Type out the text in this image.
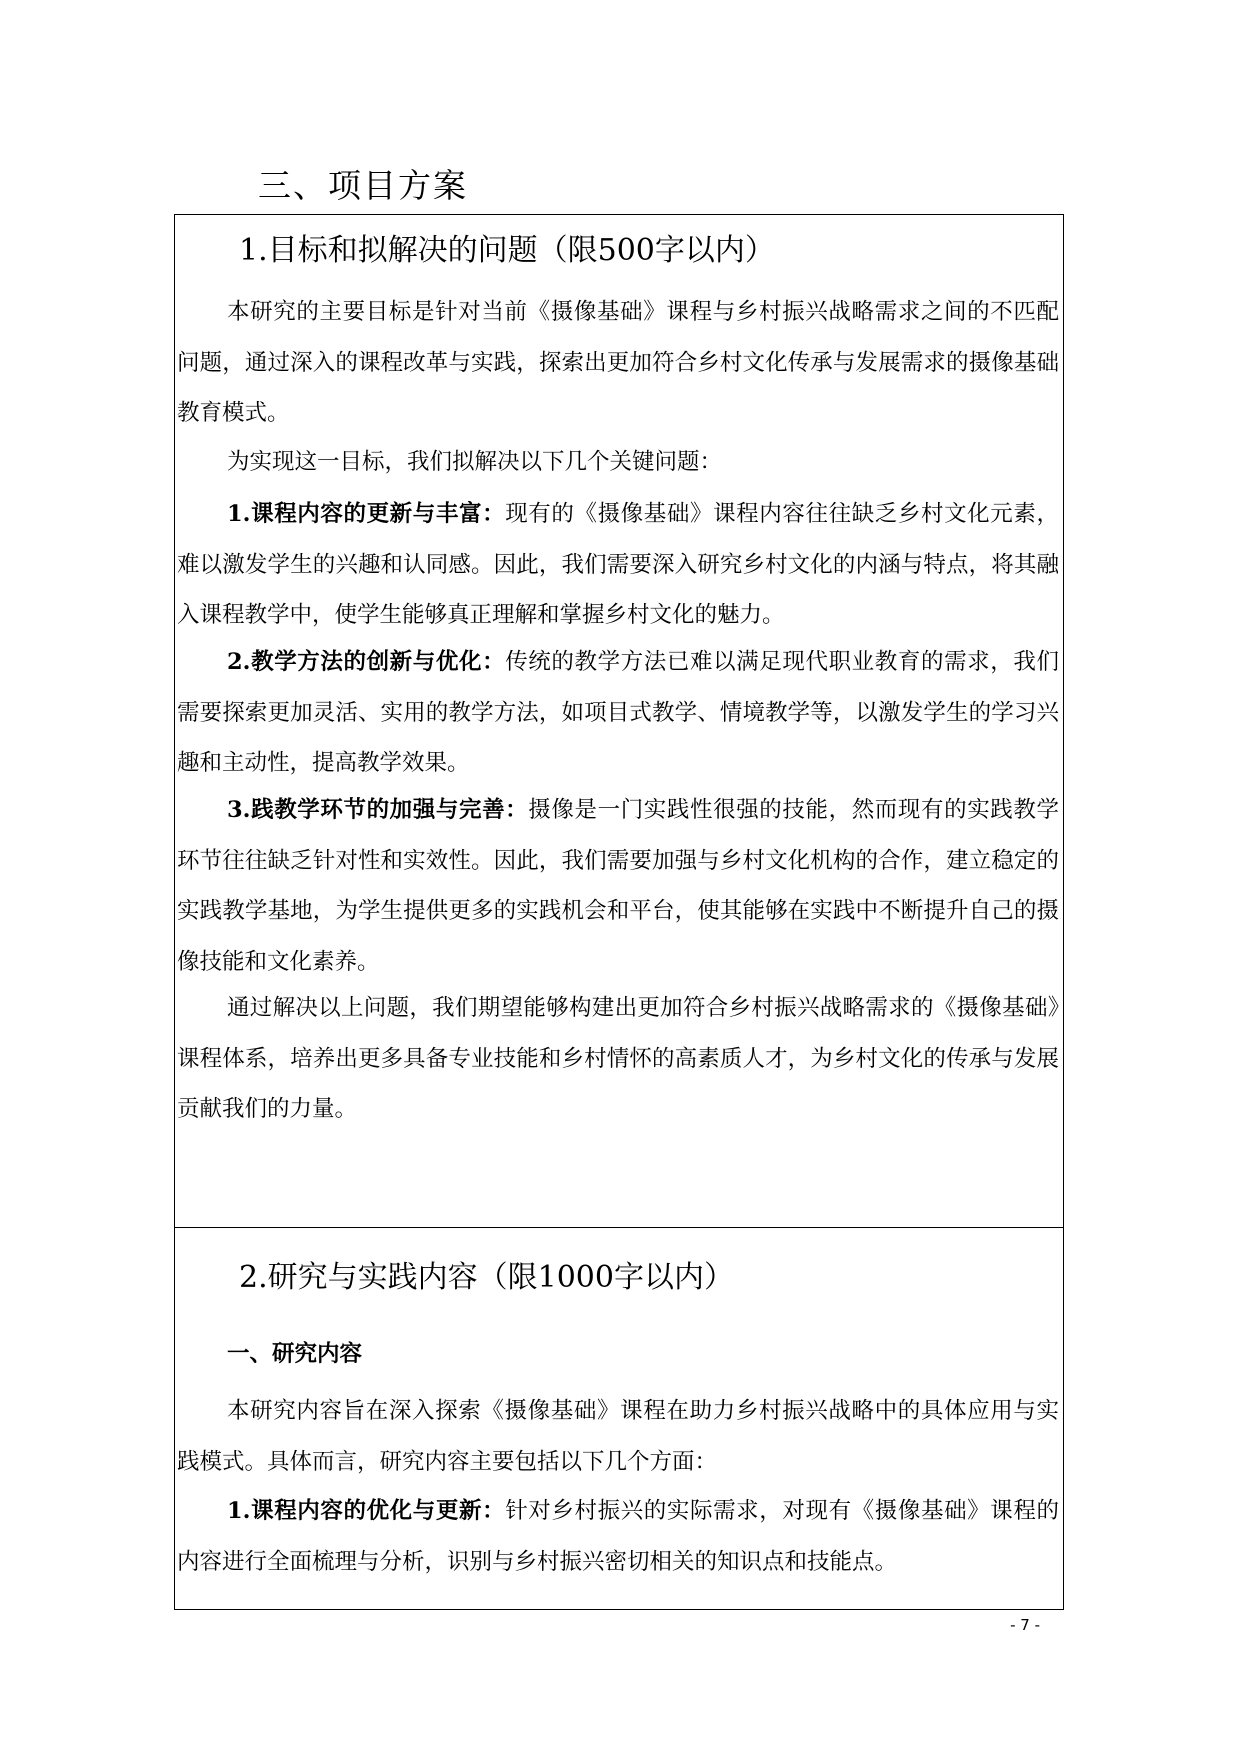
三、项目方案
1.目标和拟解决的问题（限500字以内）

本研究的主要目标是针对当前《摄像基础》课程与乡村振兴战略需求之间的不匹配问题，通过深入的课程改革与实践，探索出更加符合乡村文化传承与发展需求的摄像基础教育模式。

为实现这一目标，我们拟解决以下几个关键问题：

1.课程内容的更新与丰富：现有的《摄像基础》课程内容往往缺乏乡村文化元素，难以激发学生的兴趣和认同感。因此，我们需要深入研究乡村文化的内涵与特点，将其融入课程教学中，使学生能够真正理解和掌握乡村文化的魅力。

2.教学方法的创新与优化：传统的教学方法已难以满足现代职业教育的需求，我们需要探索更加灵活、实用的教学方法，如项目式教学、情境教学等，以激发学生的学习兴趣和主动性，提高教学效果。

3.践教学环节的加强与完善：摄像是一门实践性很强的技能，然而现有的实践教学环节往往缺乏针对性和实效性。因此，我们需要加强与乡村文化机构的合作，建立稳定的实践教学基地，为学生提供更多的实践机会和平台，使其能够在实践中不断提升自己的摄像技能和文化素养。

通过解决以上问题，我们期望能够构建出更加符合乡村振兴战略需求的《摄像基础》课程体系，培养出更多具备专业技能和乡村情怀的高素质人才，为乡村文化的传承与发展贡献我们的力量。

2.研究与实践内容（限1000字以内）

一、研究内容

本研究内容旨在深入探索《摄像基础》课程在助力乡村振兴战略中的具体应用与实践模式。具体而言，研究内容主要包括以下几个方面：

1.课程内容的优化与更新：针对乡村振兴的实际需求，对现有《摄像基础》课程的内容进行全面梳理与分析，识别与乡村振兴密切相关的知识点和技能点。

- 7 -
